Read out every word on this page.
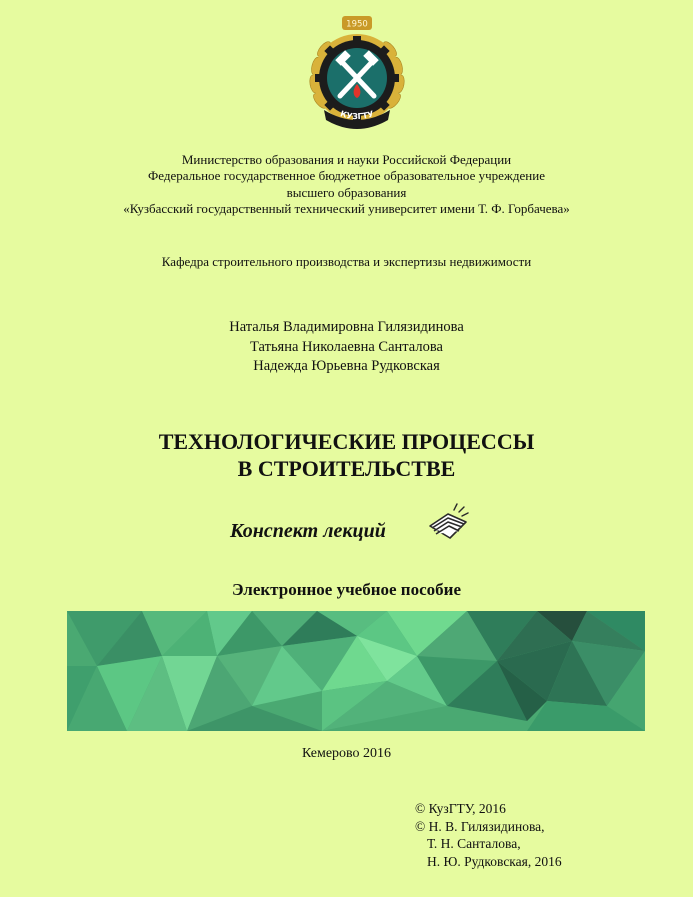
1950
КУЗГТУ
Министерство образования и науки Российской Федерации
Федеральное государственное бюджетное образовательное учреждение
высшего образования
«Кузбасский государственный технический университет имени Т. Ф. Горбачева»
Кафедра строительного производства и экспертизы недвижимости
Наталья Владимировна Гилязидинова
Татьяна Николаевна Санталова
Надежда Юрьевна Рудковская
ТЕХНОЛОГИЧЕСКИЕ ПРОЦЕССЫ
В СТРОИТЕЛЬСТВЕ
Конспект лекций
Электронное учебное пособие
Кемерово 2016
© КузГТУ, 2016
© Н. В. Гилязидинова,
Т. Н. Санталова,
Н. Ю. Рудковская, 2016
